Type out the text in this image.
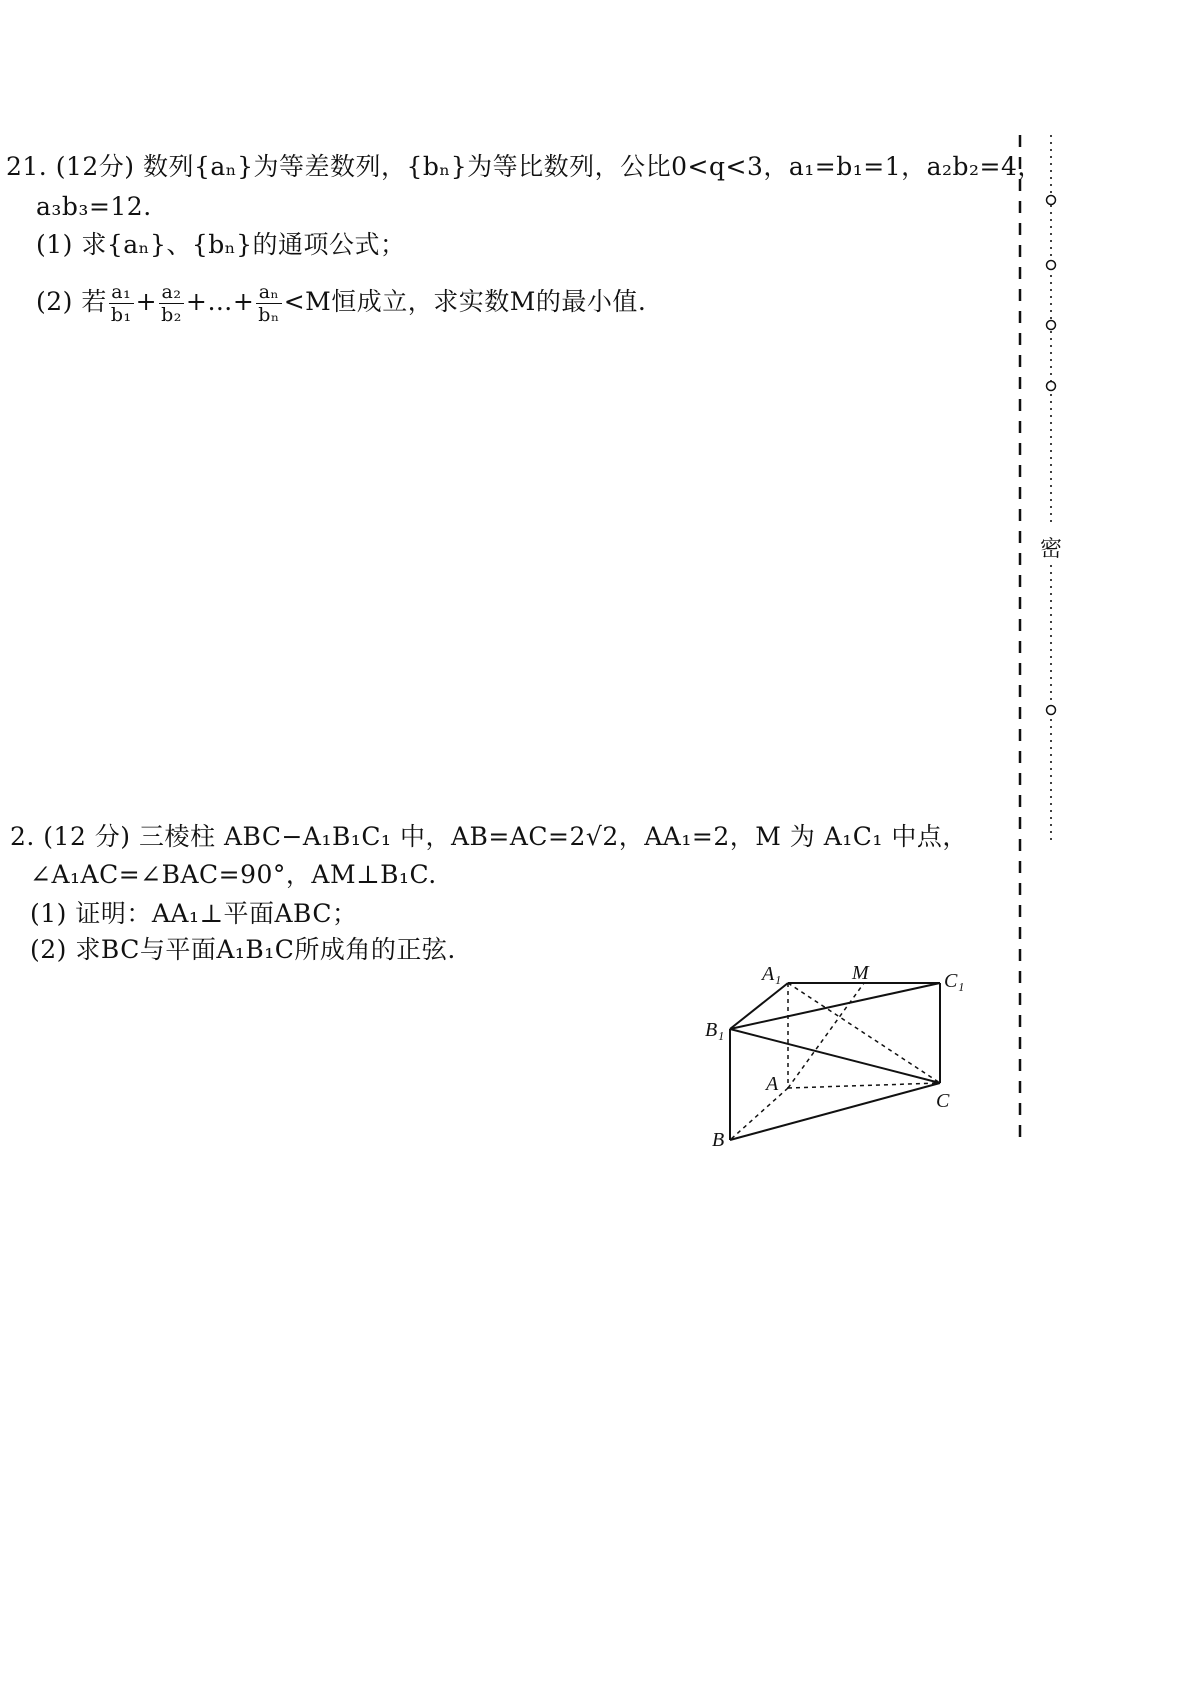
21. (12分) 数列{aₙ}为等差数列，{bₙ}为等比数列，公比0<q<3，a₁=b₁=1，a₂b₂=4，
a₃b₃=12.
(1) 求{aₙ}、{bₙ}的通项公式；
(2) 若 $\frac{\text{a₁}}{\text{b₁}} + \frac{\text{a₂}}{\text{b₂}}$ +…+ $\frac{\text{aₙ}}{\text{bₙ}} <M$恒成立，求实数M的最小值.
2. (12 分) 三棱柱 ABC−A₁B₁C₁ 中，AB=AC=2√2，AA₁=2，M 为 A₁C₁ 中点，
∠A₁AC=∠BAC=90°，AM⊥B₁C.
(1) 证明：AA₁⊥平面ABC；
(2) 求BC与平面A₁B₁C所成角的正弦.
A₁	M	C₁
B₁
A
C
B
密
